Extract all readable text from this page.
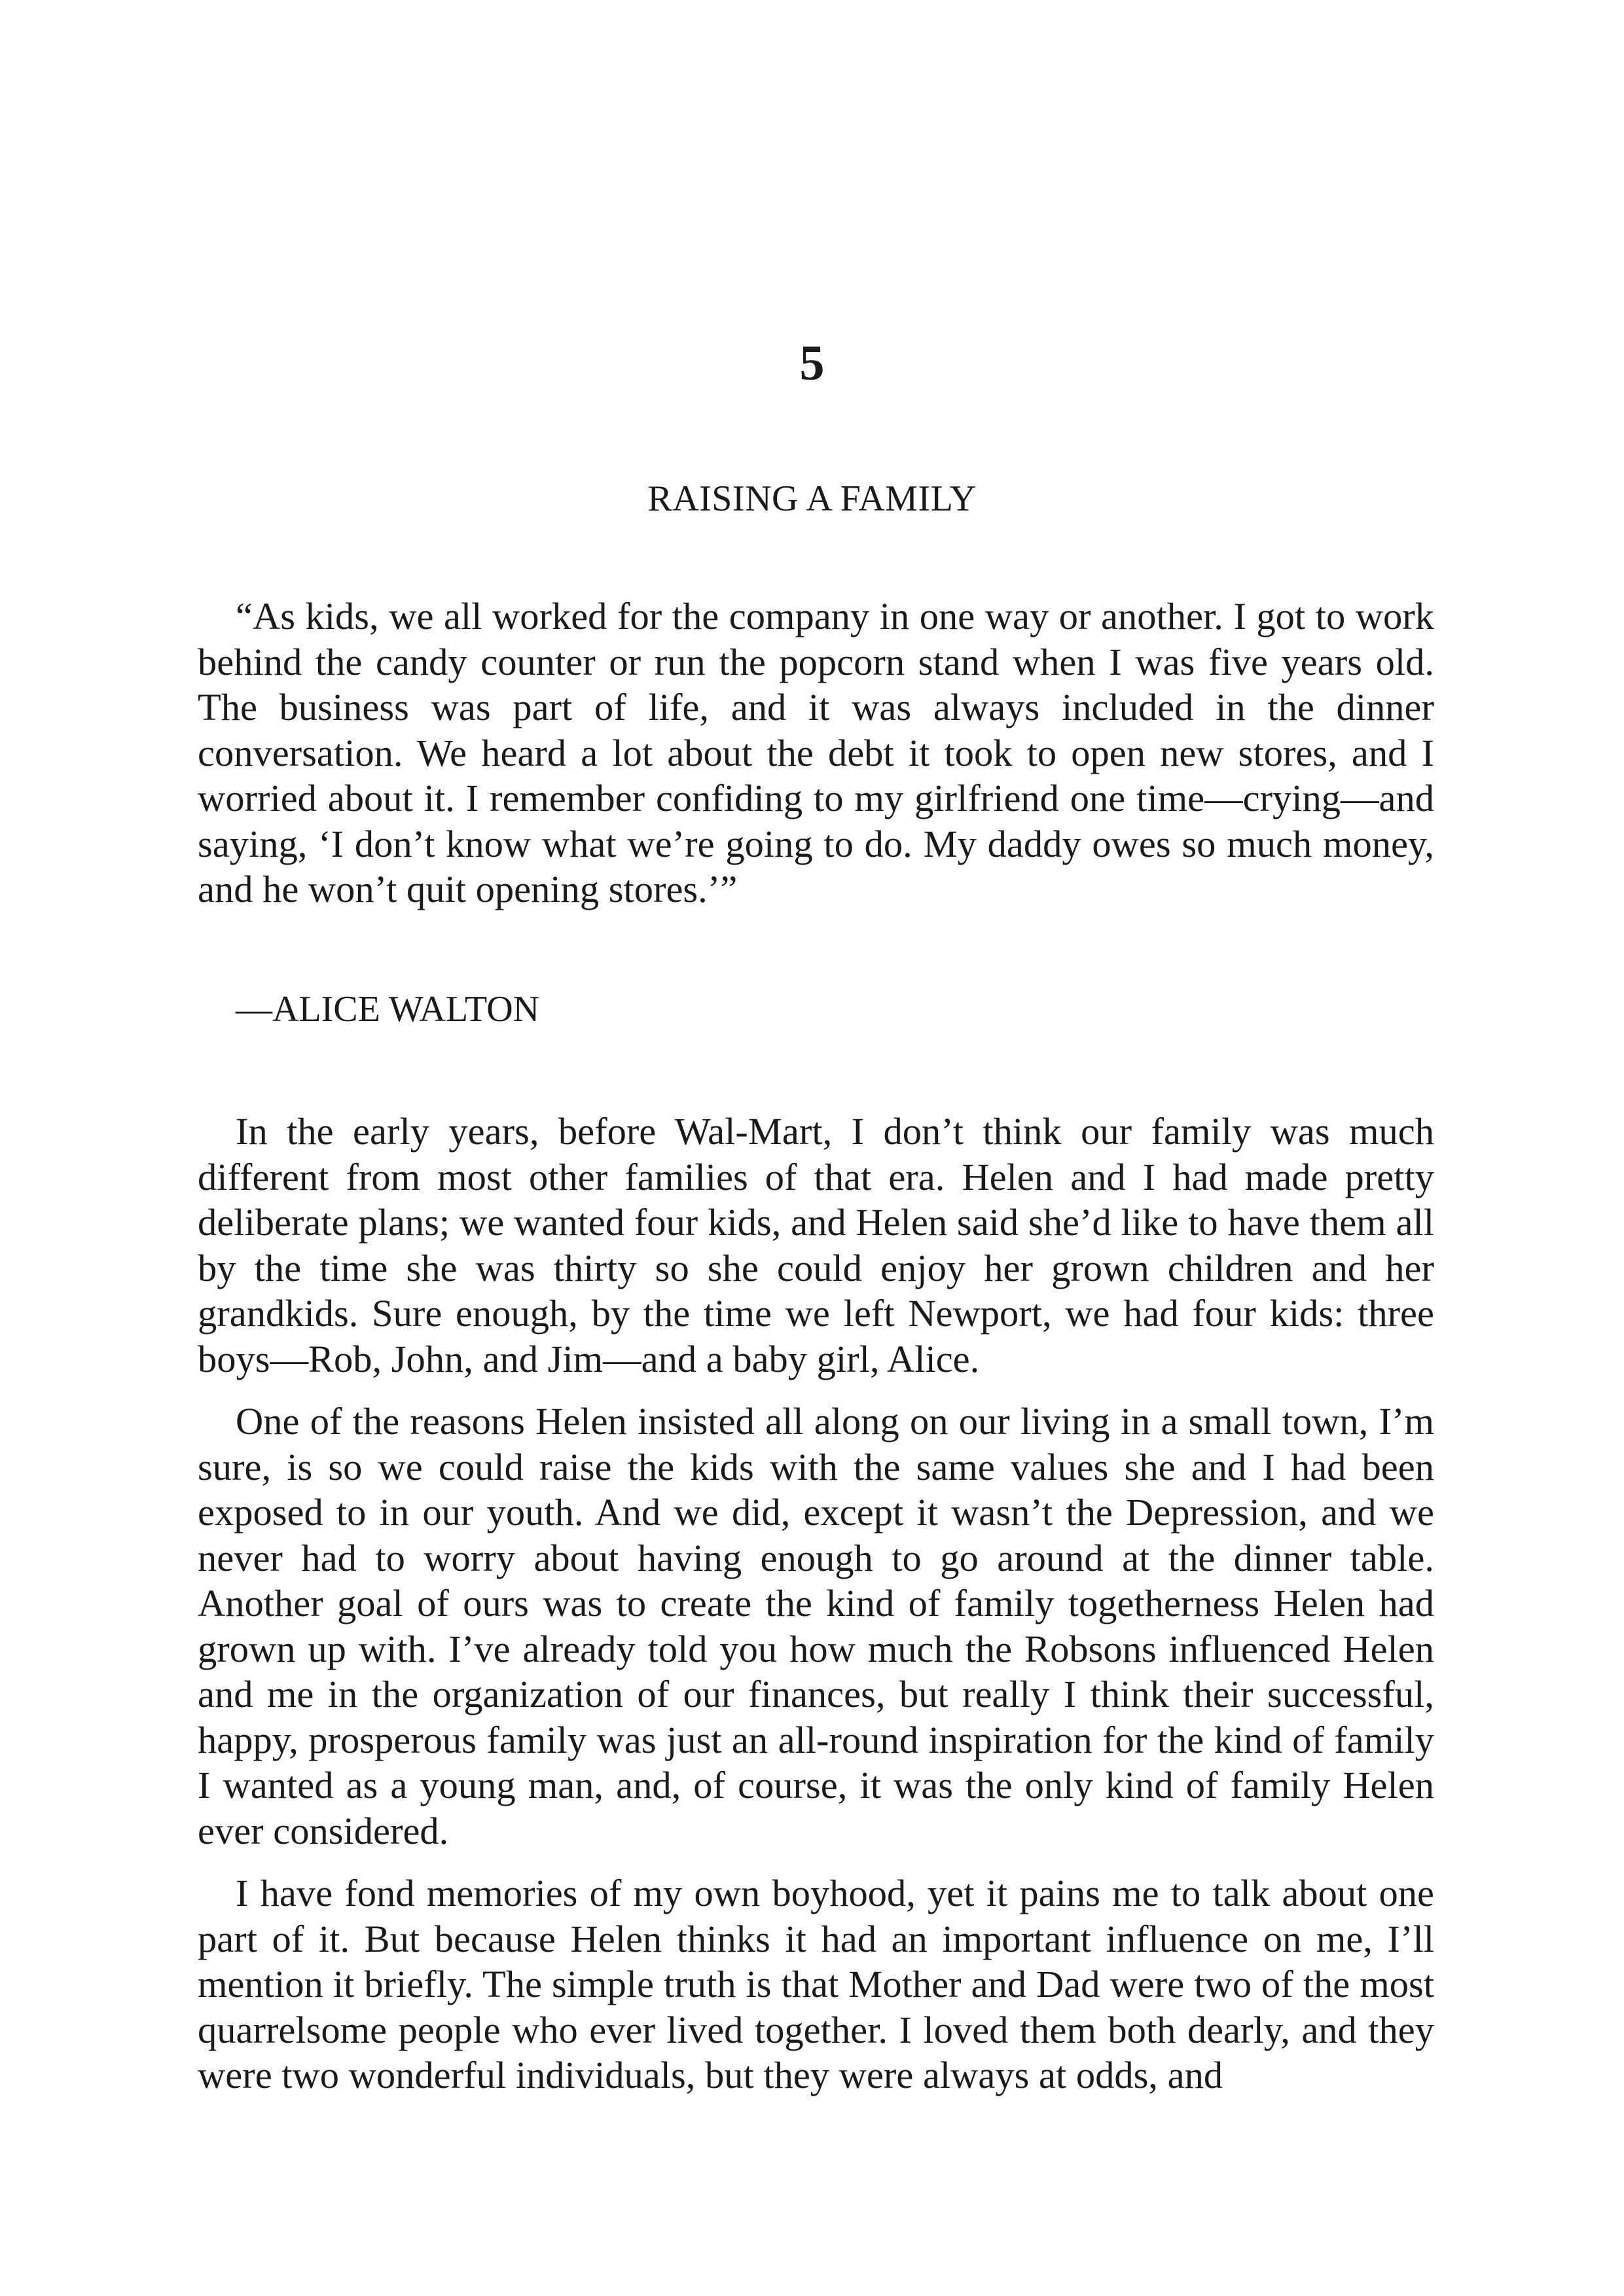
5
RAISING A FAMILY

“As kids, we all worked for the company in one way or another. I got to work behind the candy counter or run the popcorn stand when I was five years old. The business was part of life, and it was always included in the dinner conversation. We heard a lot about the debt it took to open new stores, and I worried about it. I remember confiding to my girlfriend one time—crying—and saying, ‘I don’t know what we’re going to do. My daddy owes so much money, and he won’t quit opening stores.’”

—ALICE WALTON

In the early years, before Wal-Mart, I don’t think our family was much different from most other families of that era. Helen and I had made pretty deliberate plans; we wanted four kids, and Helen said she’d like to have them all by the time she was thirty so she could enjoy her grown children and her grandkids. Sure enough, by the time we left Newport, we had four kids: three boys—Rob, John, and Jim—and a baby girl, Alice.

One of the reasons Helen insisted all along on our living in a small town, I’m sure, is so we could raise the kids with the same values she and I had been exposed to in our youth. And we did, except it wasn’t the Depression, and we never had to worry about having enough to go around at the dinner table. Another goal of ours was to create the kind of family togetherness Helen had grown up with. I’ve already told you how much the Robsons influenced Helen and me in the organization of our finances, but really I think their successful, happy, prosperous family was just an all-round inspiration for the kind of family I wanted as a young man, and, of course, it was the only kind of family Helen ever considered.

I have fond memories of my own boyhood, yet it pains me to talk about one part of it. But because Helen thinks it had an important influence on me, I’ll mention it briefly. The simple truth is that Mother and Dad were two of the most quarrelsome people who ever lived together. I loved them both dearly, and they were two wonderful individuals, but they were always at odds, and
